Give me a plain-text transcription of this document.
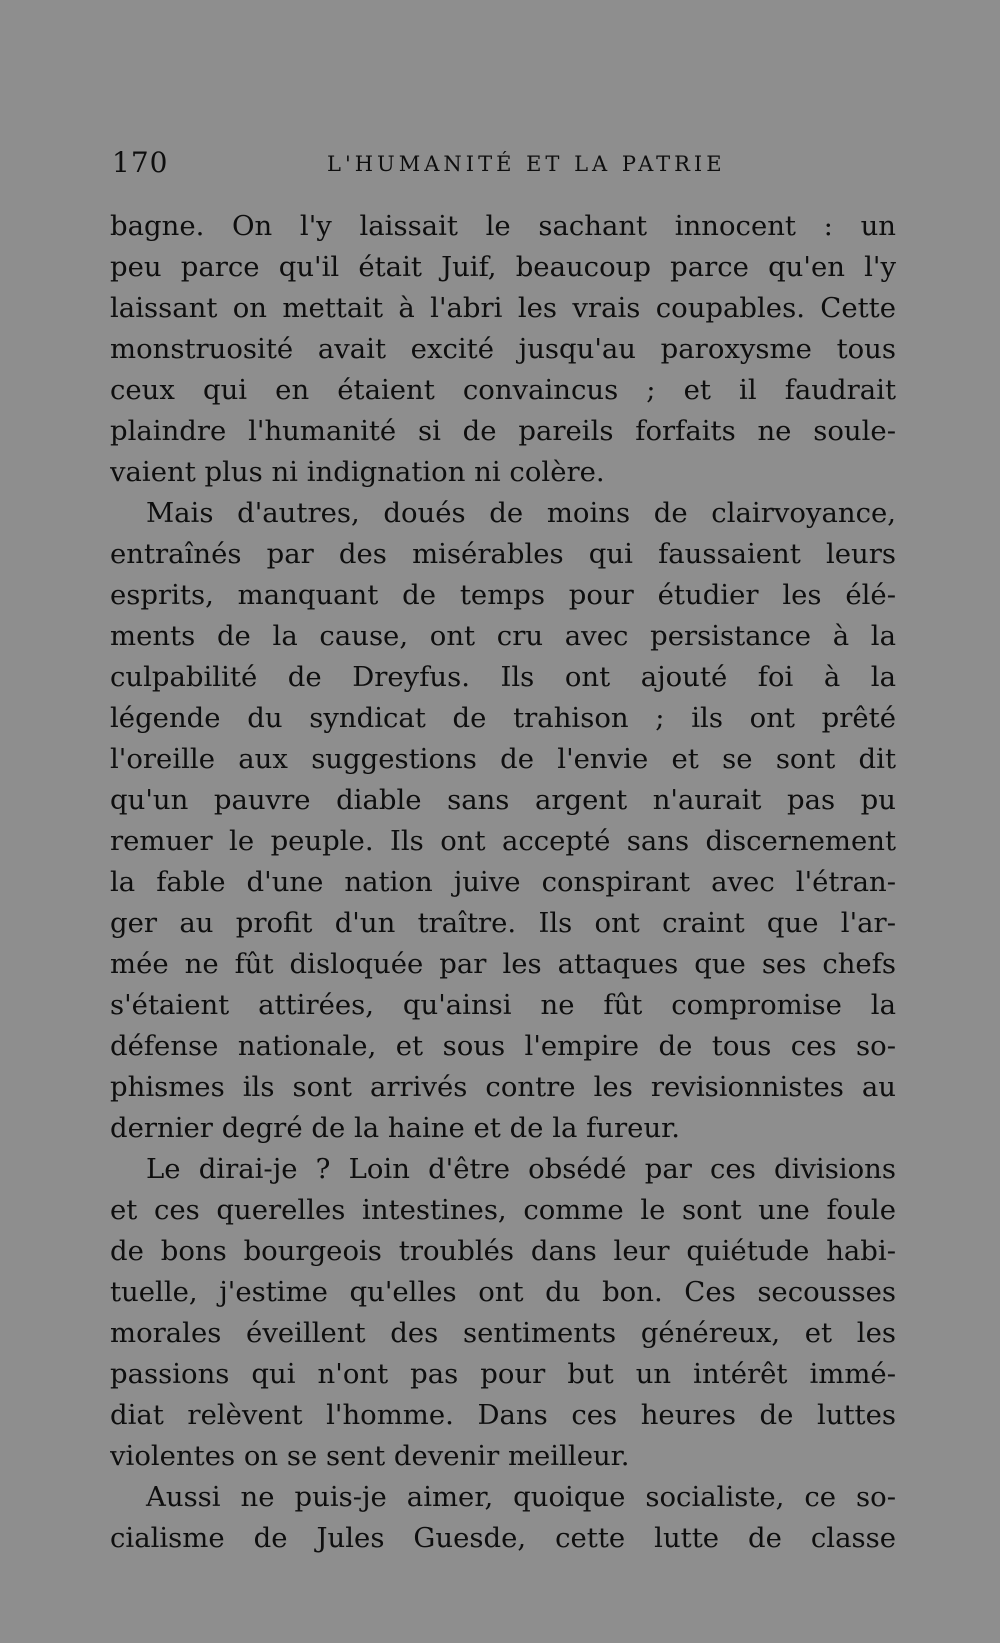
170	L'HUMANITÉ ET LA PATRIE
bagne. On l'y laissait le sachant innocent : un
peu parce qu'il était Juif, beaucoup parce qu'en l'y
laissant on mettait à l'abri les vrais coupables. Cette
monstruosité avait excité jusqu'au paroxysme tous
ceux qui en étaient convaincus ; et il faudrait
plaindre l'humanité si de pareils forfaits ne soule-
vaient plus ni indignation ni colère.
Mais d'autres, doués de moins de clairvoyance,
entraînés par des misérables qui faussaient leurs
esprits, manquant de temps pour étudier les élé-
ments de la cause, ont cru avec persistance à la
culpabilité de Dreyfus. Ils ont ajouté foi à la
légende du syndicat de trahison ; ils ont prêté
l'oreille aux suggestions de l'envie et se sont dit
qu'un pauvre diable sans argent n'aurait pas pu
remuer le peuple. Ils ont accepté sans discernement
la fable d'une nation juive conspirant avec l'étran-
ger au profit d'un traître. Ils ont craint que l'ar-
mée ne fût disloquée par les attaques que ses chefs
s'étaient attirées, qu'ainsi ne fût compromise la
défense nationale, et sous l'empire de tous ces so-
phismes ils sont arrivés contre les revisionnistes au
dernier degré de la haine et de la fureur.
Le dirai-je ? Loin d'être obsédé par ces divisions
et ces querelles intestines, comme le sont une foule
de bons bourgeois troublés dans leur quiétude habi-
tuelle, j'estime qu'elles ont du bon. Ces secousses
morales éveillent des sentiments généreux, et les
passions qui n'ont pas pour but un intérêt immé-
diat relèvent l'homme. Dans ces heures de luttes
violentes on se sent devenir meilleur.
Aussi ne puis-je aimer, quoique socialiste, ce so-
cialisme de Jules Guesde, cette lutte de classe
